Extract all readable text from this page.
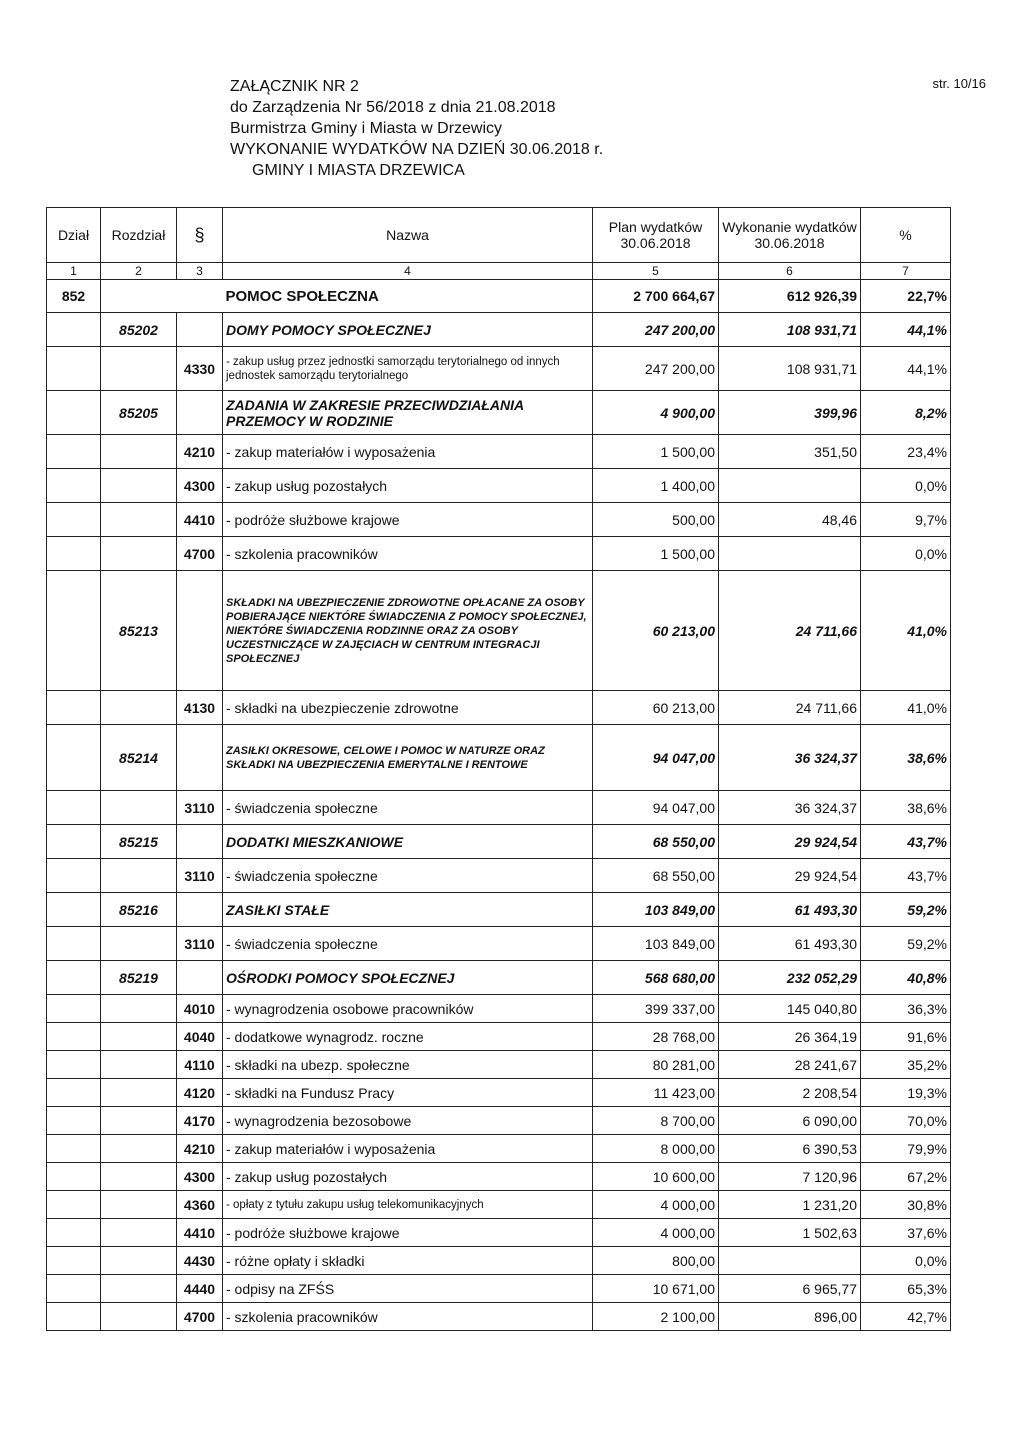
ZAŁĄCZNIK NR 2
do Zarządzenia Nr 56/2018 z dnia 21.08.2018
Burmistrza Gminy i Miasta w Drzewicy
WYKONANIE WYDATKÓW NA DZIEŃ 30.06.2018 r.
GMINY I MIASTA DRZEWICA
str. 10/16
Dział	Rozdział	§	Nazwa	Plan wydatków 30.06.2018	Wykonanie wydatków 30.06.2018	%
1	2	3	4	5	6	7
852			POMOC SPOŁECZNA	2 700 664,67	612 926,39	22,7%
	85202		DOMY POMOCY SPOŁECZNEJ	247 200,00	108 931,71	44,1%
		4330	- zakup usług przez jednostki samorządu terytorialnego od innych jednostek samorządu terytorialnego	247 200,00	108 931,71	44,1%
	85205		ZADANIA W ZAKRESIE PRZECIWDZIAŁANIA PRZEMOCY W RODZINIE	4 900,00	399,96	8,2%
		4210	- zakup materiałów i wyposażenia	1 500,00	351,50	23,4%
		4300	- zakup usług pozostałych	1 400,00		0,0%
		4410	- podróże służbowe krajowe	500,00	48,46	9,7%
		4700	- szkolenia pracowników	1 500,00		0,0%
	85213		SKŁADKI NA UBEZPIECZENIE ZDROWOTNE OPŁACANE ZA OSOBY POBIERAJĄCE NIEKTÓRE ŚWIADCZENIA Z POMOCY SPOŁECZNEJ, NIEKTÓRE ŚWIADCZENIA RODZINNE ORAZ ZA OSOBY UCZESTNICZĄCE W ZAJĘCIACH W CENTRUM INTEGRACJI SPOŁECZNEJ	60 213,00	24 711,66	41,0%
		4130	- składki na ubezpieczenie zdrowotne	60 213,00	24 711,66	41,0%
	85214		ZASIŁKI OKRESOWE, CELOWE I POMOC W NATURZE ORAZ SKŁADKI NA UBEZPIECZENIA EMERYTALNE I RENTOWE	94 047,00	36 324,37	38,6%
		3110	- świadczenia społeczne	94 047,00	36 324,37	38,6%
	85215		DODATKI MIESZKANIOWE	68 550,00	29 924,54	43,7%
		3110	- świadczenia społeczne	68 550,00	29 924,54	43,7%
	85216		ZASIŁKI STAŁE	103 849,00	61 493,30	59,2%
		3110	- świadczenia społeczne	103 849,00	61 493,30	59,2%
	85219		OŚRODKI POMOCY SPOŁECZNEJ	568 680,00	232 052,29	40,8%
		4010	- wynagrodzenia osobowe pracowników	399 337,00	145 040,80	36,3%
		4040	- dodatkowe wynagrodz. roczne	28 768,00	26 364,19	91,6%
		4110	- składki na ubezp. społeczne	80 281,00	28 241,67	35,2%
		4120	- składki na Fundusz Pracy	11 423,00	2 208,54	19,3%
		4170	- wynagrodzenia bezosobowe	8 700,00	6 090,00	70,0%
		4210	- zakup materiałów i wyposażenia	8 000,00	6 390,53	79,9%
		4300	- zakup usług pozostałych	10 600,00	7 120,96	67,2%
		4360	- opłaty z tytułu zakupu usług telekomunikacyjnych	4 000,00	1 231,20	30,8%
		4410	- podróże służbowe krajowe	4 000,00	1 502,63	37,6%
		4430	- różne opłaty i składki	800,00		0,0%
		4440	- odpisy na ZFŚS	10 671,00	6 965,77	65,3%
		4700	- szkolenia pracowników	2 100,00	896,00	42,7%
